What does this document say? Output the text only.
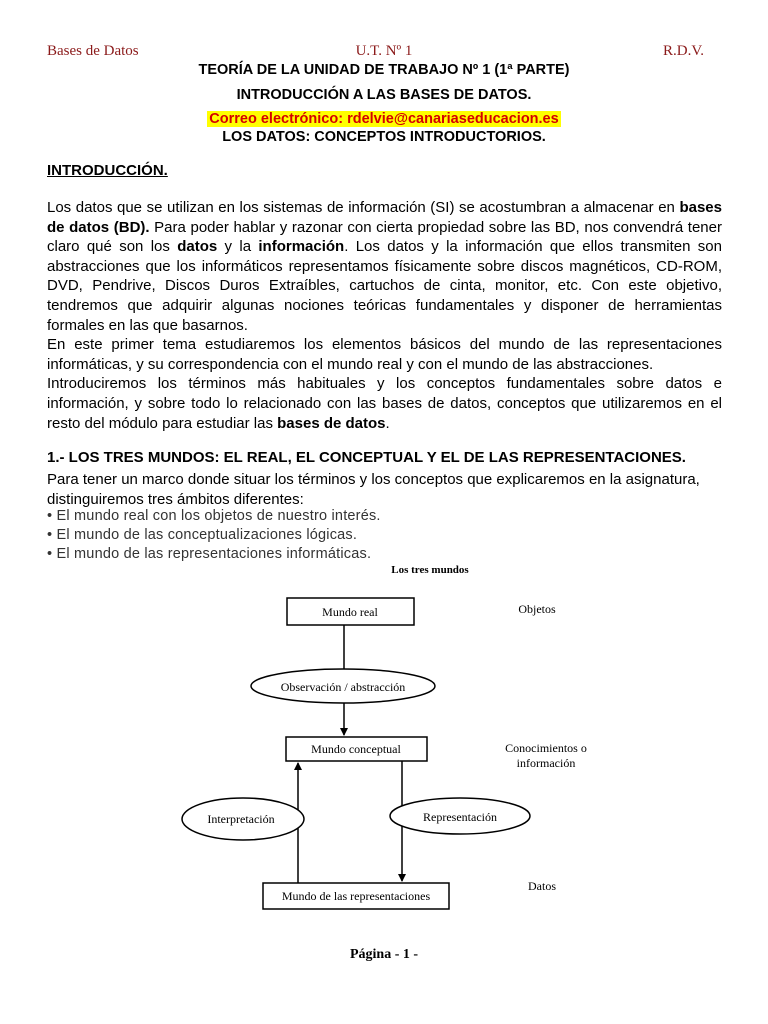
Bases de Datos	U.T. Nº 1	R.D.V.
TEORÍA DE LA UNIDAD DE TRABAJO Nº 1 (1ª PARTE)
INTRODUCCIÓN A LAS BASES DE DATOS.
Correo electrónico: rdelvie@canariaseducacion.es
LOS DATOS: CONCEPTOS INTRODUCTORIOS.
INTRODUCCIÓN.

Los datos que se utilizan en los sistemas de información (SI) se acostumbran a almacenar en bases de datos (BD). Para poder hablar y razonar con cierta propiedad sobre las BD, nos convendrá tener claro qué son los datos y la información. Los datos y la información que ellos transmiten son abstracciones que los informáticos representamos físicamente sobre discos magnéticos, CD-ROM, DVD, Pendrive, Discos Duros Extraíbles, cartuchos de cinta, monitor, etc. Con este objetivo, tendremos que adquirir algunas nociones teóricas fundamentales y disponer de herramientas formales en las que basarnos.

En este primer tema estudiaremos los elementos básicos del mundo de las representaciones informáticas, y su correspondencia con el mundo real y con el mundo de las abstracciones.

Introduciremos los términos más habituales y los conceptos fundamentales sobre datos e información, y sobre todo lo relacionado con las bases de datos, conceptos que utilizaremos en el resto del módulo para estudiar las bases de datos.

1.- LOS TRES MUNDOS: EL REAL, EL CONCEPTUAL Y EL DE LAS REPRESENTACIONES.

Para tener un marco donde situar los términos y los conceptos que explicaremos en la asignatura, distinguiremos tres ámbitos diferentes:

• El mundo real con los objetos de nuestro interés.
• El mundo de las conceptualizaciones lógicas.
• El mundo de las representaciones informáticas.
Los tres mundos
Mundo real
Observación / abstracción
Mundo conceptual
Interpretación	Representación
Mundo de las representaciones
Objetos
Conocimientos o
información
Datos
Página - 1 -
